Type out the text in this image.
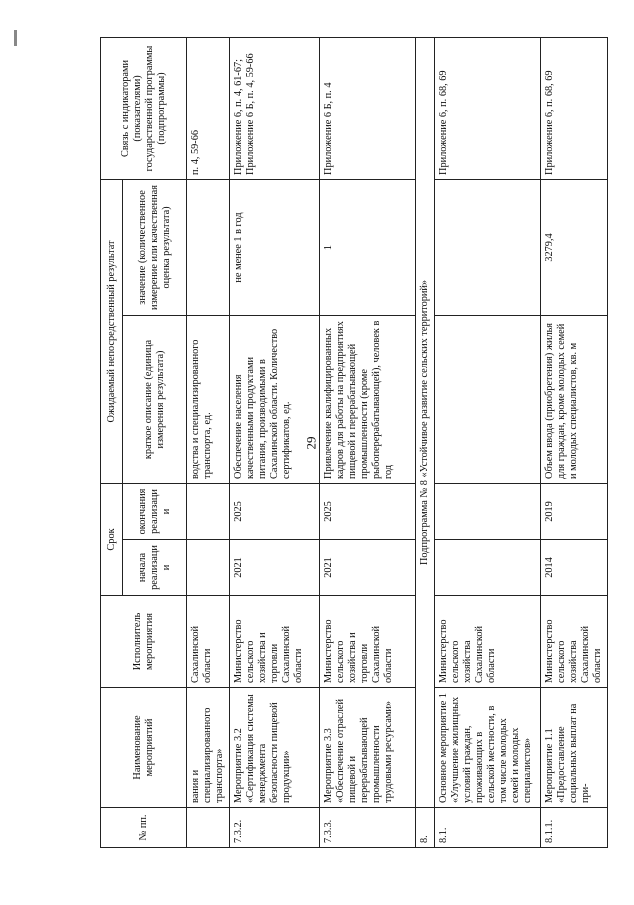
29
№ пп.	Наименование мероприятий	Исполнитель мероприятия	Срок		Ожидаемый непосредственный результат		Связь с индикаторами (показателями) государственной программы (подпрограммы)
			начала реализации	окончания реализации	краткое описание (единица измерения результата)	значение (количественное измерение или качественная оценка результата)	
	вания и специализированного транспорта»	Сахалинской области			водства и специализированного транспорта, ед.		п. 4, 59-66
7.3.2.	Мероприятие 3.2 «Сертификация системы менеджмента безопасности пищевой продукции»	Министерство сельского хозяйства и торговли Сахалинской области	2021	2025	Обеспечение населения качественными продуктами питания, производимыми в Сахалинской области. Количество сертификатов, ед.	не менее 1 в год	Приложение 6, п. 4, 61-67; Приложение 6 Б, п. 4, 59-66
7.3.3.	Мероприятие 3.3 «Обеспечение отраслей пищевой и перерабатывающей промышленности трудовыми ресурсами»	Министерство сельского хозяйства и торговли Сахалинской области	2021	2025	Привлечение квалифицированных кадров для работы на предприятиях пищевой и перерабатывающей промышленности (кроме рыбоперерабатывающей), человек в год	1	Приложение 6 Б, п. 4
8.	Подпрограмма № 8 «Устойчивое развитие сельских территорий»						
8.1.	Основное мероприятие 1 «Улучшение жилищных условий граждан, проживающих в сельской местности, в том числе молодых семей и молодых специалистов»	Министерство сельского хозяйства Сахалинской области					Приложение 6, п. 68, 69
8.1.1.	Мероприятие 1.1 «Предоставление социальных выплат на при-	Министерство сельского хозяйства Сахалинской области	2014	2019	Объем ввода (приобретения) жилья для граждан, кроме молодых семей и молодых специалистов, кв. м	3279,4	Приложение 6, п. 68, 69
